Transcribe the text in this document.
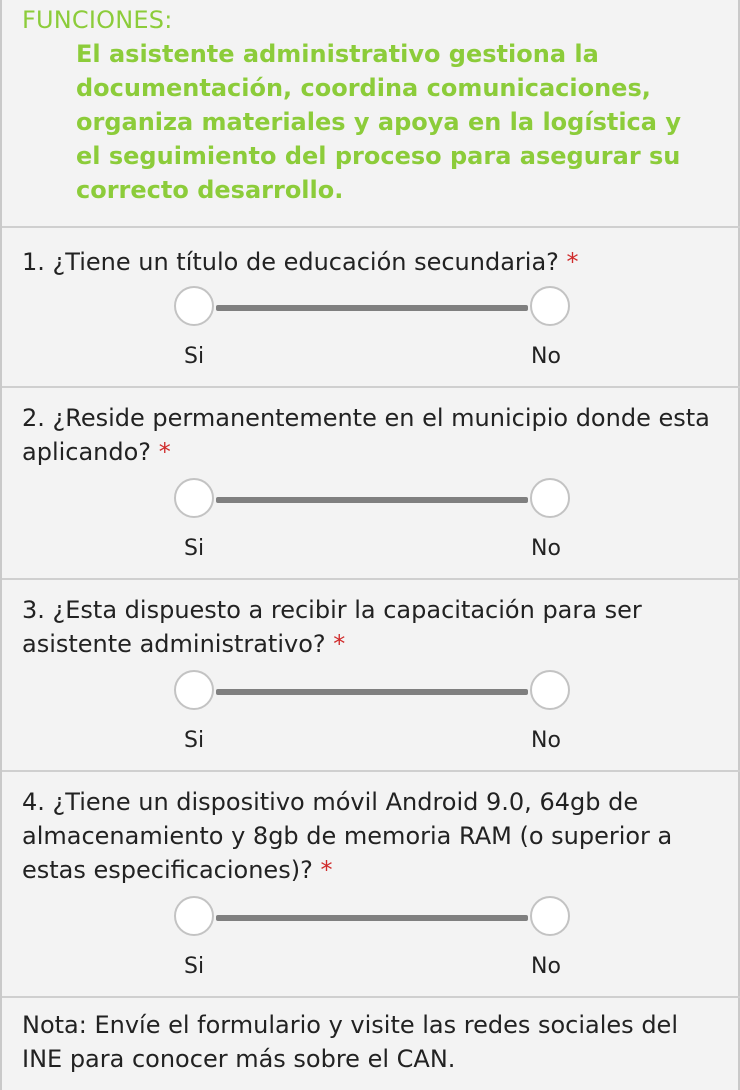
FUNCIONES:

El asistente administrativo gestiona la documentación, coordina comunicaciones, organiza materiales y apoya en la logística y el seguimiento del proceso para asegurar su correcto desarrollo.

1. ¿Tiene un título de educación secundaria? *

Si	No

2. ¿Reside permanentemente en el municipio donde esta aplicando? *

Si	No

3. ¿Esta dispuesto a recibir la capacitación para ser asistente administrativo? *

Si	No

4. ¿Tiene un dispositivo móvil Android 9.0, 64gb de almacenamiento y 8gb de memoria RAM (o superior a estas especificaciones)? *

Si	No

Nota: Envíe el formulario y visite las redes sociales del INE para conocer más sobre el CAN.
